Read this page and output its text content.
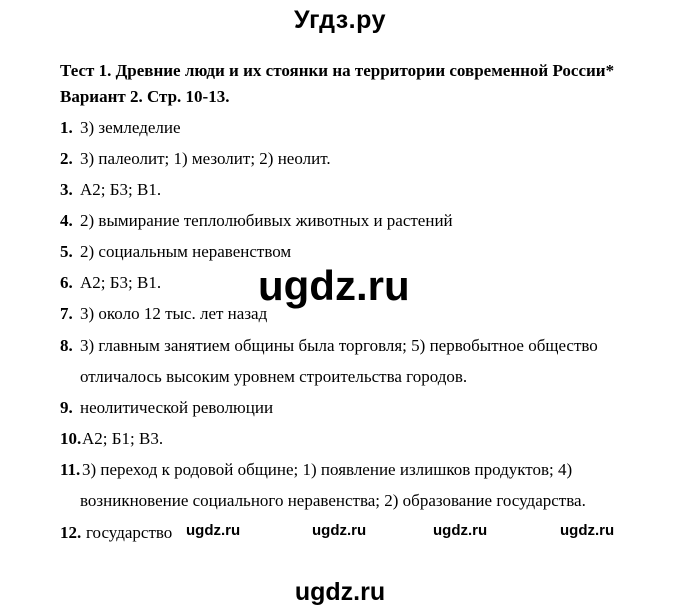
Угдз.ру
Тест 1. Древние люди и их стоянки на территории современной России*
Вариант 2. Стр. 10-13.
1. 3) земледелие
2. 3) палеолит; 1) мезолит; 2) неолит.
3. А2; Б3; В1.
4. 2) вымирание теплолюбивых животных и растений
5. 2) социальным неравенством
6. А2; Б3; В1.
7. 3) около 12 тыс. лет назад
8. 3) главным занятием общины была торговля; 5) первобытное общество
отличалось высоким уровнем строительства городов.
9. неолитической революции
10.А2; Б1; В3.
11.3) переход к родовой общине; 1) появление излишков продуктов; 4)
возникновение социального неравенства; 2) образование государства.
12. государство
ugdz.ru
ugdz.ru	ugdz.ru	ugdz.ru	ugdz.ru
ugdz.ru
